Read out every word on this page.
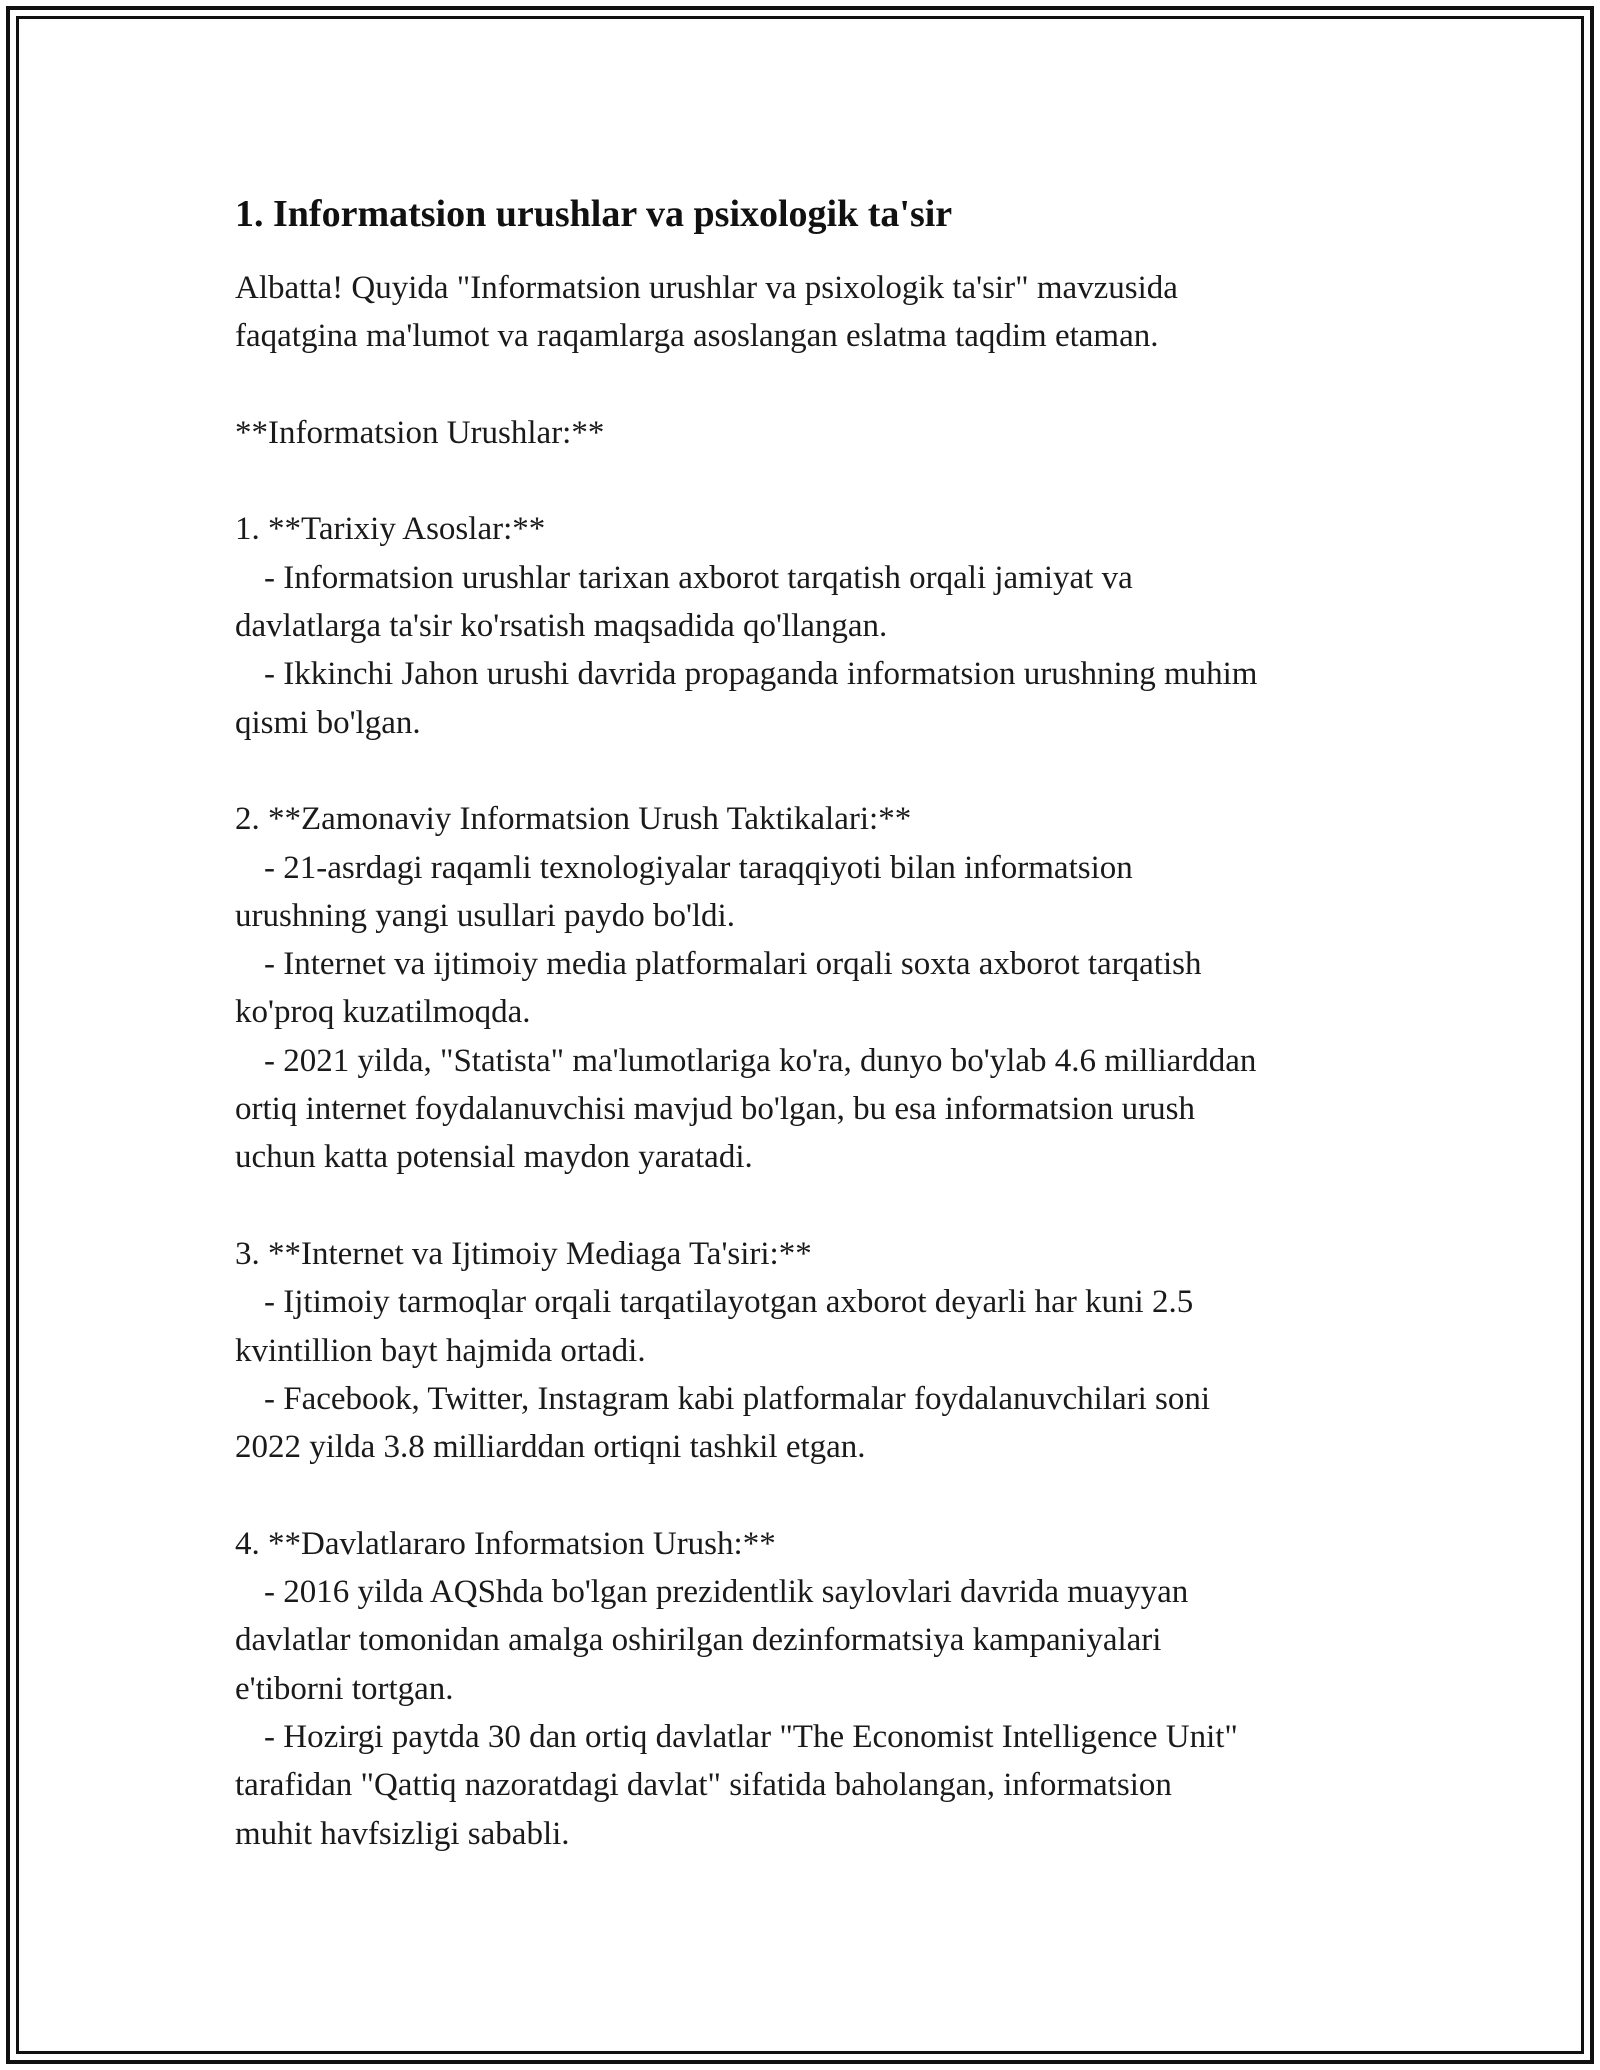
1. Informatsion urushlar va psixologik ta'sir

Albatta! Quyida "Informatsion urushlar va psixologik ta'sir" mavzusida

faqatgina ma'lumot va raqamlarga asoslangan eslatma taqdim etaman.

**Informatsion Urushlar:**

1. **Tarixiy Asoslar:**

- Informatsion urushlar tarixan axborot tarqatish orqali jamiyat va

davlatlarga ta'sir ko'rsatish maqsadida qo'llangan.

- Ikkinchi Jahon urushi davrida propaganda informatsion urushning muhim

qismi bo'lgan.

2. **Zamonaviy Informatsion Urush Taktikalari:**

- 21-asrdagi raqamli texnologiyalar taraqqiyoti bilan informatsion

urushning yangi usullari paydo bo'ldi.

- Internet va ijtimoiy media platformalari orqali soxta axborot tarqatish

ko'proq kuzatilmoqda.

- 2021 yilda, "Statista" ma'lumotlariga ko'ra, dunyo bo'ylab 4.6 milliarddan

ortiq internet foydalanuvchisi mavjud bo'lgan, bu esa informatsion urush

uchun katta potensial maydon yaratadi.

3. **Internet va Ijtimoiy Mediaga Ta'siri:**

- Ijtimoiy tarmoqlar orqali tarqatilayotgan axborot deyarli har kuni 2.5

kvintillion bayt hajmida ortadi.

- Facebook, Twitter, Instagram kabi platformalar foydalanuvchilari soni

2022 yilda 3.8 milliarddan ortiqni tashkil etgan.

4. **Davlatlararo Informatsion Urush:**

- 2016 yilda AQShda bo'lgan prezidentlik saylovlari davrida muayyan

davlatlar tomonidan amalga oshirilgan dezinformatsiya kampaniyalari

e'tiborni tortgan.

- Hozirgi paytda 30 dan ortiq davlatlar "The Economist Intelligence Unit"

tarafidan "Qattiq nazoratdagi davlat" sifatida baholangan, informatsion

muhit havfsizligi sababli.
